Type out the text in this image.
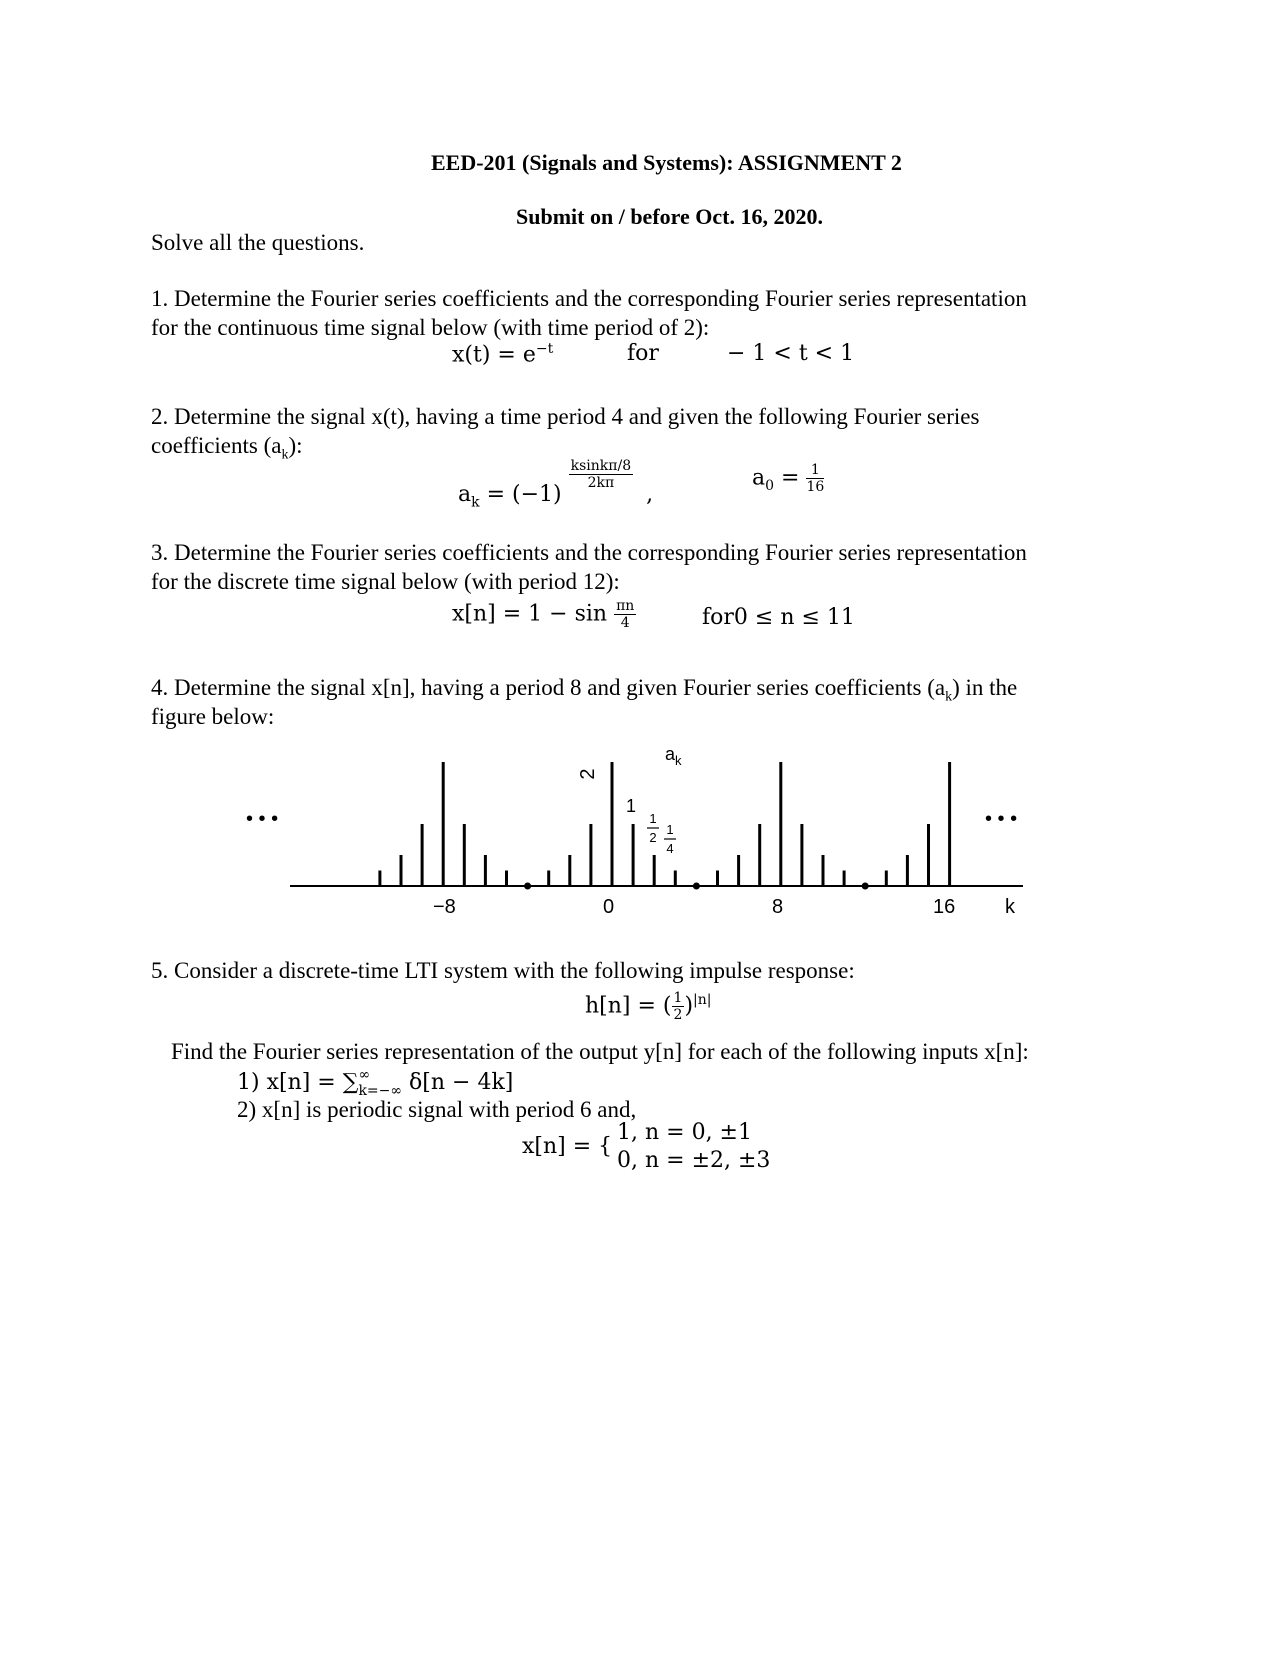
EED-201 (Signals and Systems): ASSIGNMENT 2
Submit on / before Oct. 16, 2020.
Solve all the questions.
1. Determine the Fourier series coefficients and the corresponding Fourier series representation
for the continuous time signal below (with time period of 2):
$x(t) = e^{-t}$	for	− 1 < t < 1
2. Determine the signal x(t), having a time period 4 and given the following Fourier series
coefficients $(a_k)$:
$a_k = (-1)$
$\frac{ksink\pi/8}{2k\pi}$
,
$a_0 = \frac{1}{16}$
3. Determine the Fourier series coefficients and the corresponding Fourier series representation
for the discrete time signal below (with period 12):
$x[n] = 1 - \sin \frac{\pi n}{4}$	for0 ≤ n ≤ 11
4. Determine the signal x[n], having a period 8 and given Fourier series coefficients $(a_k)$ in the
figure below:
• • •	• • •
$a_k$
k
−8	0	8	16
2
1
1
2
1
4
5. Consider a discrete-time LTI system with the following impulse response:
h[n] = ( $\frac{1}{2} )^{|n|}$
Find the Fourier series representation of the output y[n] for each of the following inputs x[n]:
1) x[n] = ∑ ∞
k=−∞ δ[n − 4k]
2) x[n] is periodic signal with period 6 and,
x[n] = {
1, n = 0, ±1
0, n = ±2, ±3
